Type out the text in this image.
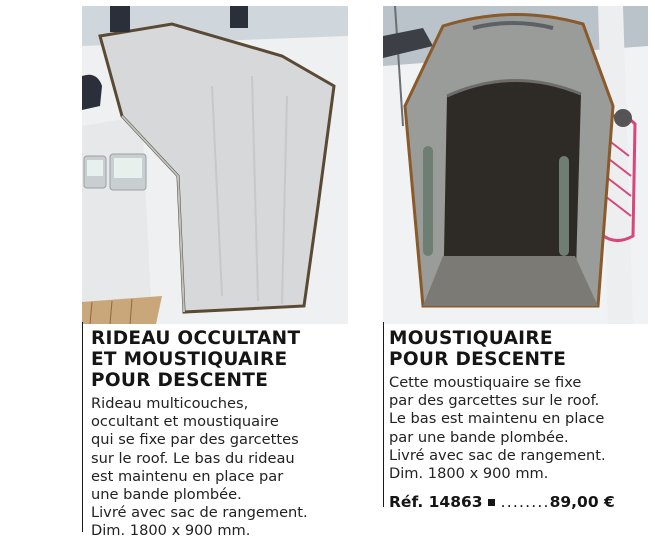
RIDEAU OCCULTANT
ET MOUSTIQUAIRE
POUR DESCENTE
Rideau multicouches,
occultant et moustiquaire
qui se fixe par des garcettes
sur le roof. Le bas du rideau
est maintenu en place par
une bande plombée.
Livré avec sac de rangement.
Dim. 1800 x 900 mm.
MOUSTIQUAIRE
POUR DESCENTE
Cette moustiquaire se fixe
par des garcettes sur le roof.
Le bas est maintenu en place
par une bande plombée.
Livré avec sac de rangement.
Dim. 1800 x 900 mm.
Réf. 14863 ........89,00 €
